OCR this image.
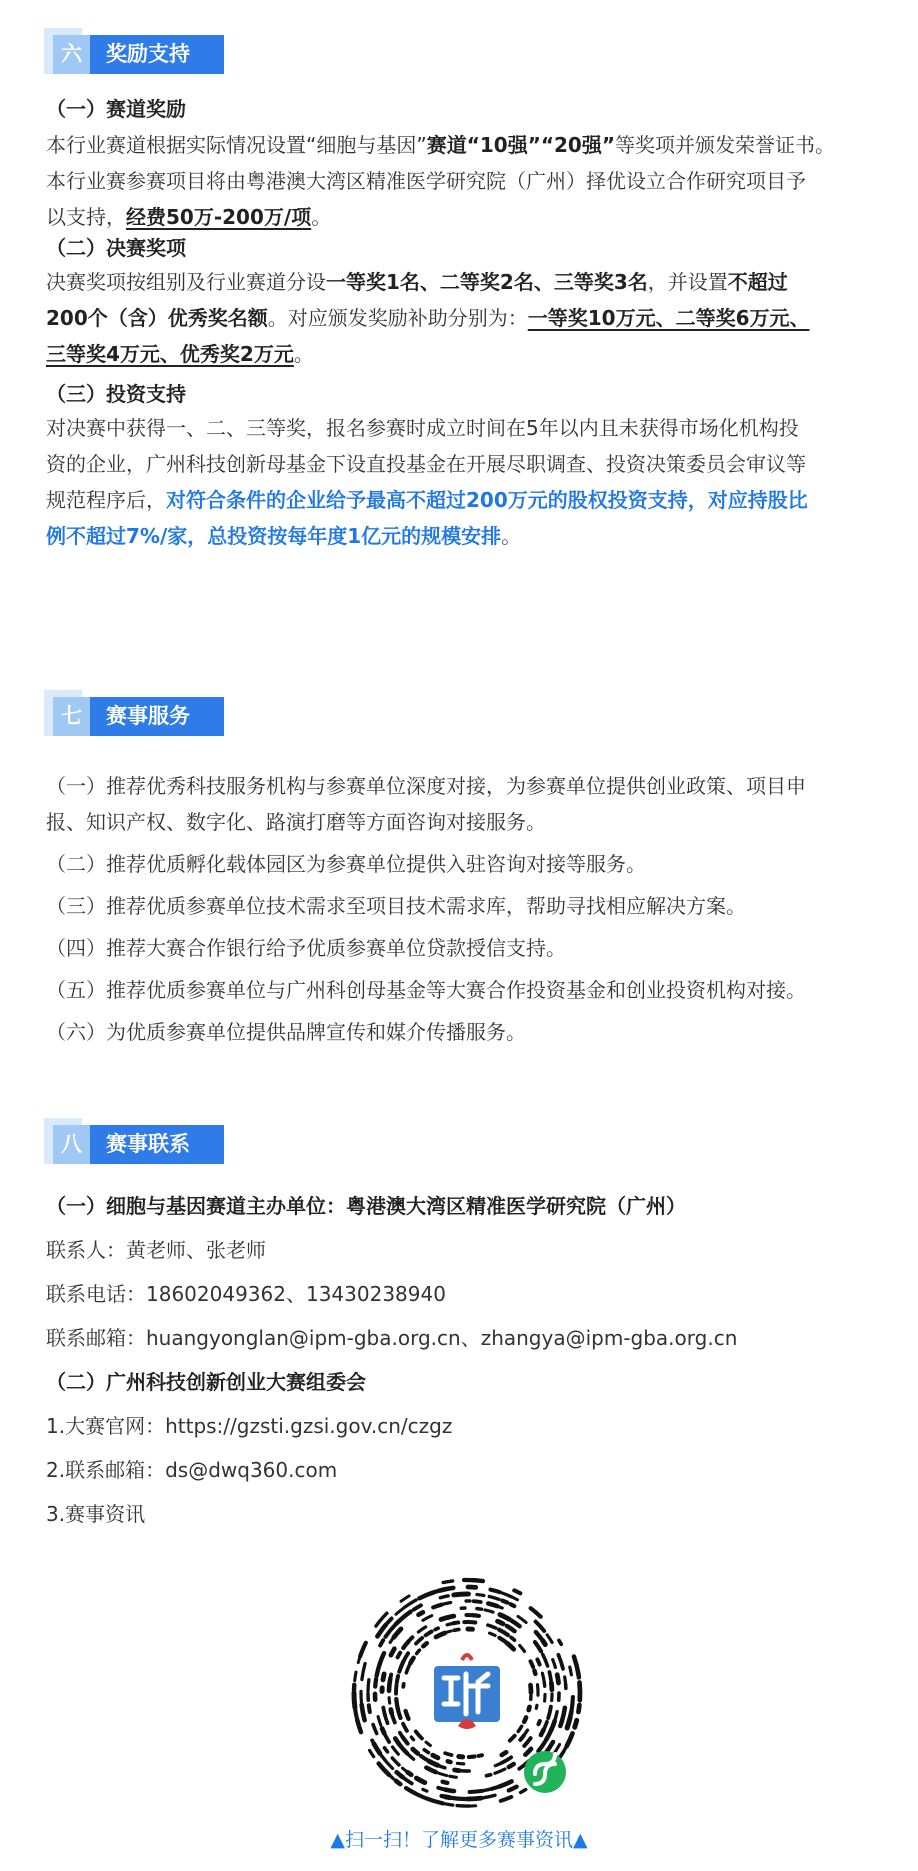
六	奖励支持
（一）赛道奖励
本行业赛道根据实际情况设置“细胞与基因”赛道“10强”“20强”等奖项并颁发荣誉证书。
本行业赛参赛项目将由粤港澳大湾区精准医学研究院（广州）择优设立合作研究项目予
以支持，经费50万-200万/项。
（二）决赛奖项
决赛奖项按组别及行业赛道分设一等奖1名、二等奖2名、三等奖3名，并设置不超过
200个（含）优秀奖名额。对应颁发奖励补助分别为：一等奖10万元、二等奖6万元、
三等奖4万元、优秀奖2万元。
（三）投资支持
对决赛中获得一、二、三等奖，报名参赛时成立时间在5年以内且未获得市场化机构投
资的企业，广州科技创新母基金下设直投基金在开展尽职调查、投资决策委员会审议等
规范程序后，对符合条件的企业给予最高不超过200万元的股权投资支持，对应持股比
例不超过7%/家，总投资按每年度1亿元的规模安排。
七	赛事服务
（一）推荐优秀科技服务机构与参赛单位深度对接，为参赛单位提供创业政策、项目申
报、知识产权、数字化、路演打磨等方面咨询对接服务。
（二）推荐优质孵化载体园区为参赛单位提供入驻咨询对接等服务。
（三）推荐优质参赛单位技术需求至项目技术需求库，帮助寻找相应解决方案。
（四）推荐大赛合作银行给予优质参赛单位贷款授信支持。
（五）推荐优质参赛单位与广州科创母基金等大赛合作投资基金和创业投资机构对接。
（六）为优质参赛单位提供品牌宣传和媒介传播服务。
八	赛事联系
（一）细胞与基因赛道主办单位：粤港澳大湾区精准医学研究院（广州）
联系人：黄老师、张老师
联系电话：18602049362、13430238940
联系邮箱：huangyonglan@ipm-gba.org.cn、zhangya@ipm-gba.org.cn
（二）广州科技创新创业大赛组委会
1.大赛官网：https://gzsti.gzsi.gov.cn/czgz
2.联系邮箱：ds@dwq360.com
3.赛事资讯
▲扫一扫！了解更多赛事资讯▲
